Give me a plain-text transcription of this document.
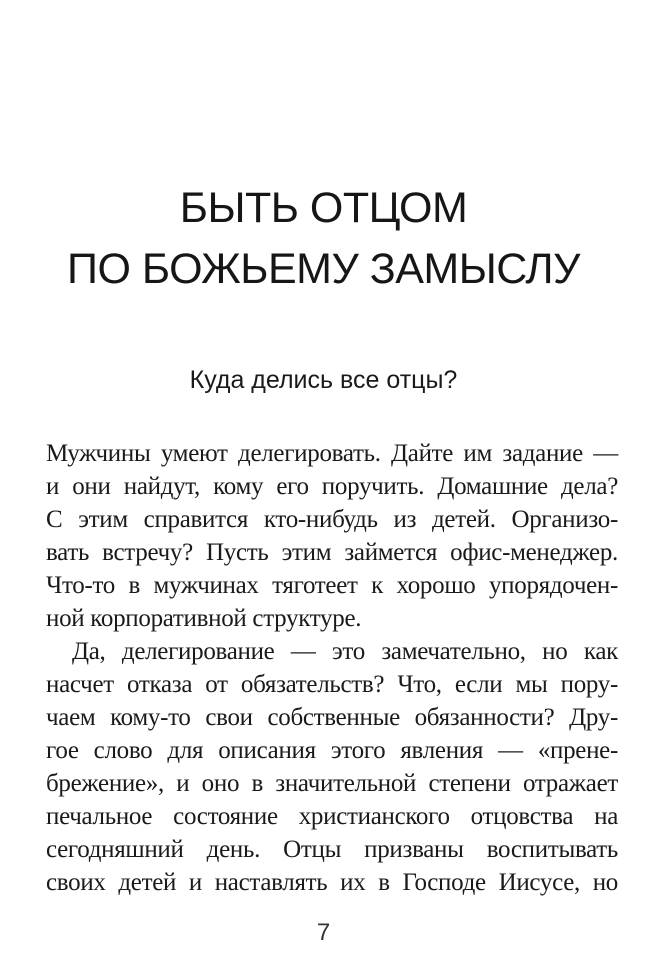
БЫТЬ ОТЦОМ
ПО БОЖЬЕМУ ЗАМЫСЛУ
Куда делись все отцы?
Мужчины умеют делегировать. Дайте им задание —
и они найдут, кому его поручить. Домашние дела?
С этим справится кто-нибудь из детей. Организо-
вать встречу? Пусть этим займется офис-менеджер.
Что-то в мужчинах тяготеет к хорошо упорядочен-
ной корпоративной структуре.
Да, делегирование — это замечательно, но как
насчет отказа от обязательств? Что, если мы пору-
чаем кому-то свои собственные обязанности? Дру-
гое слово для описания этого явления — «прене-
брежение», и оно в значительной степени отражает
печальное состояние христианского отцовства на
сегодняшний день. Отцы призваны воспитывать
своих детей и наставлять их в Господе Иисусе, но
7
